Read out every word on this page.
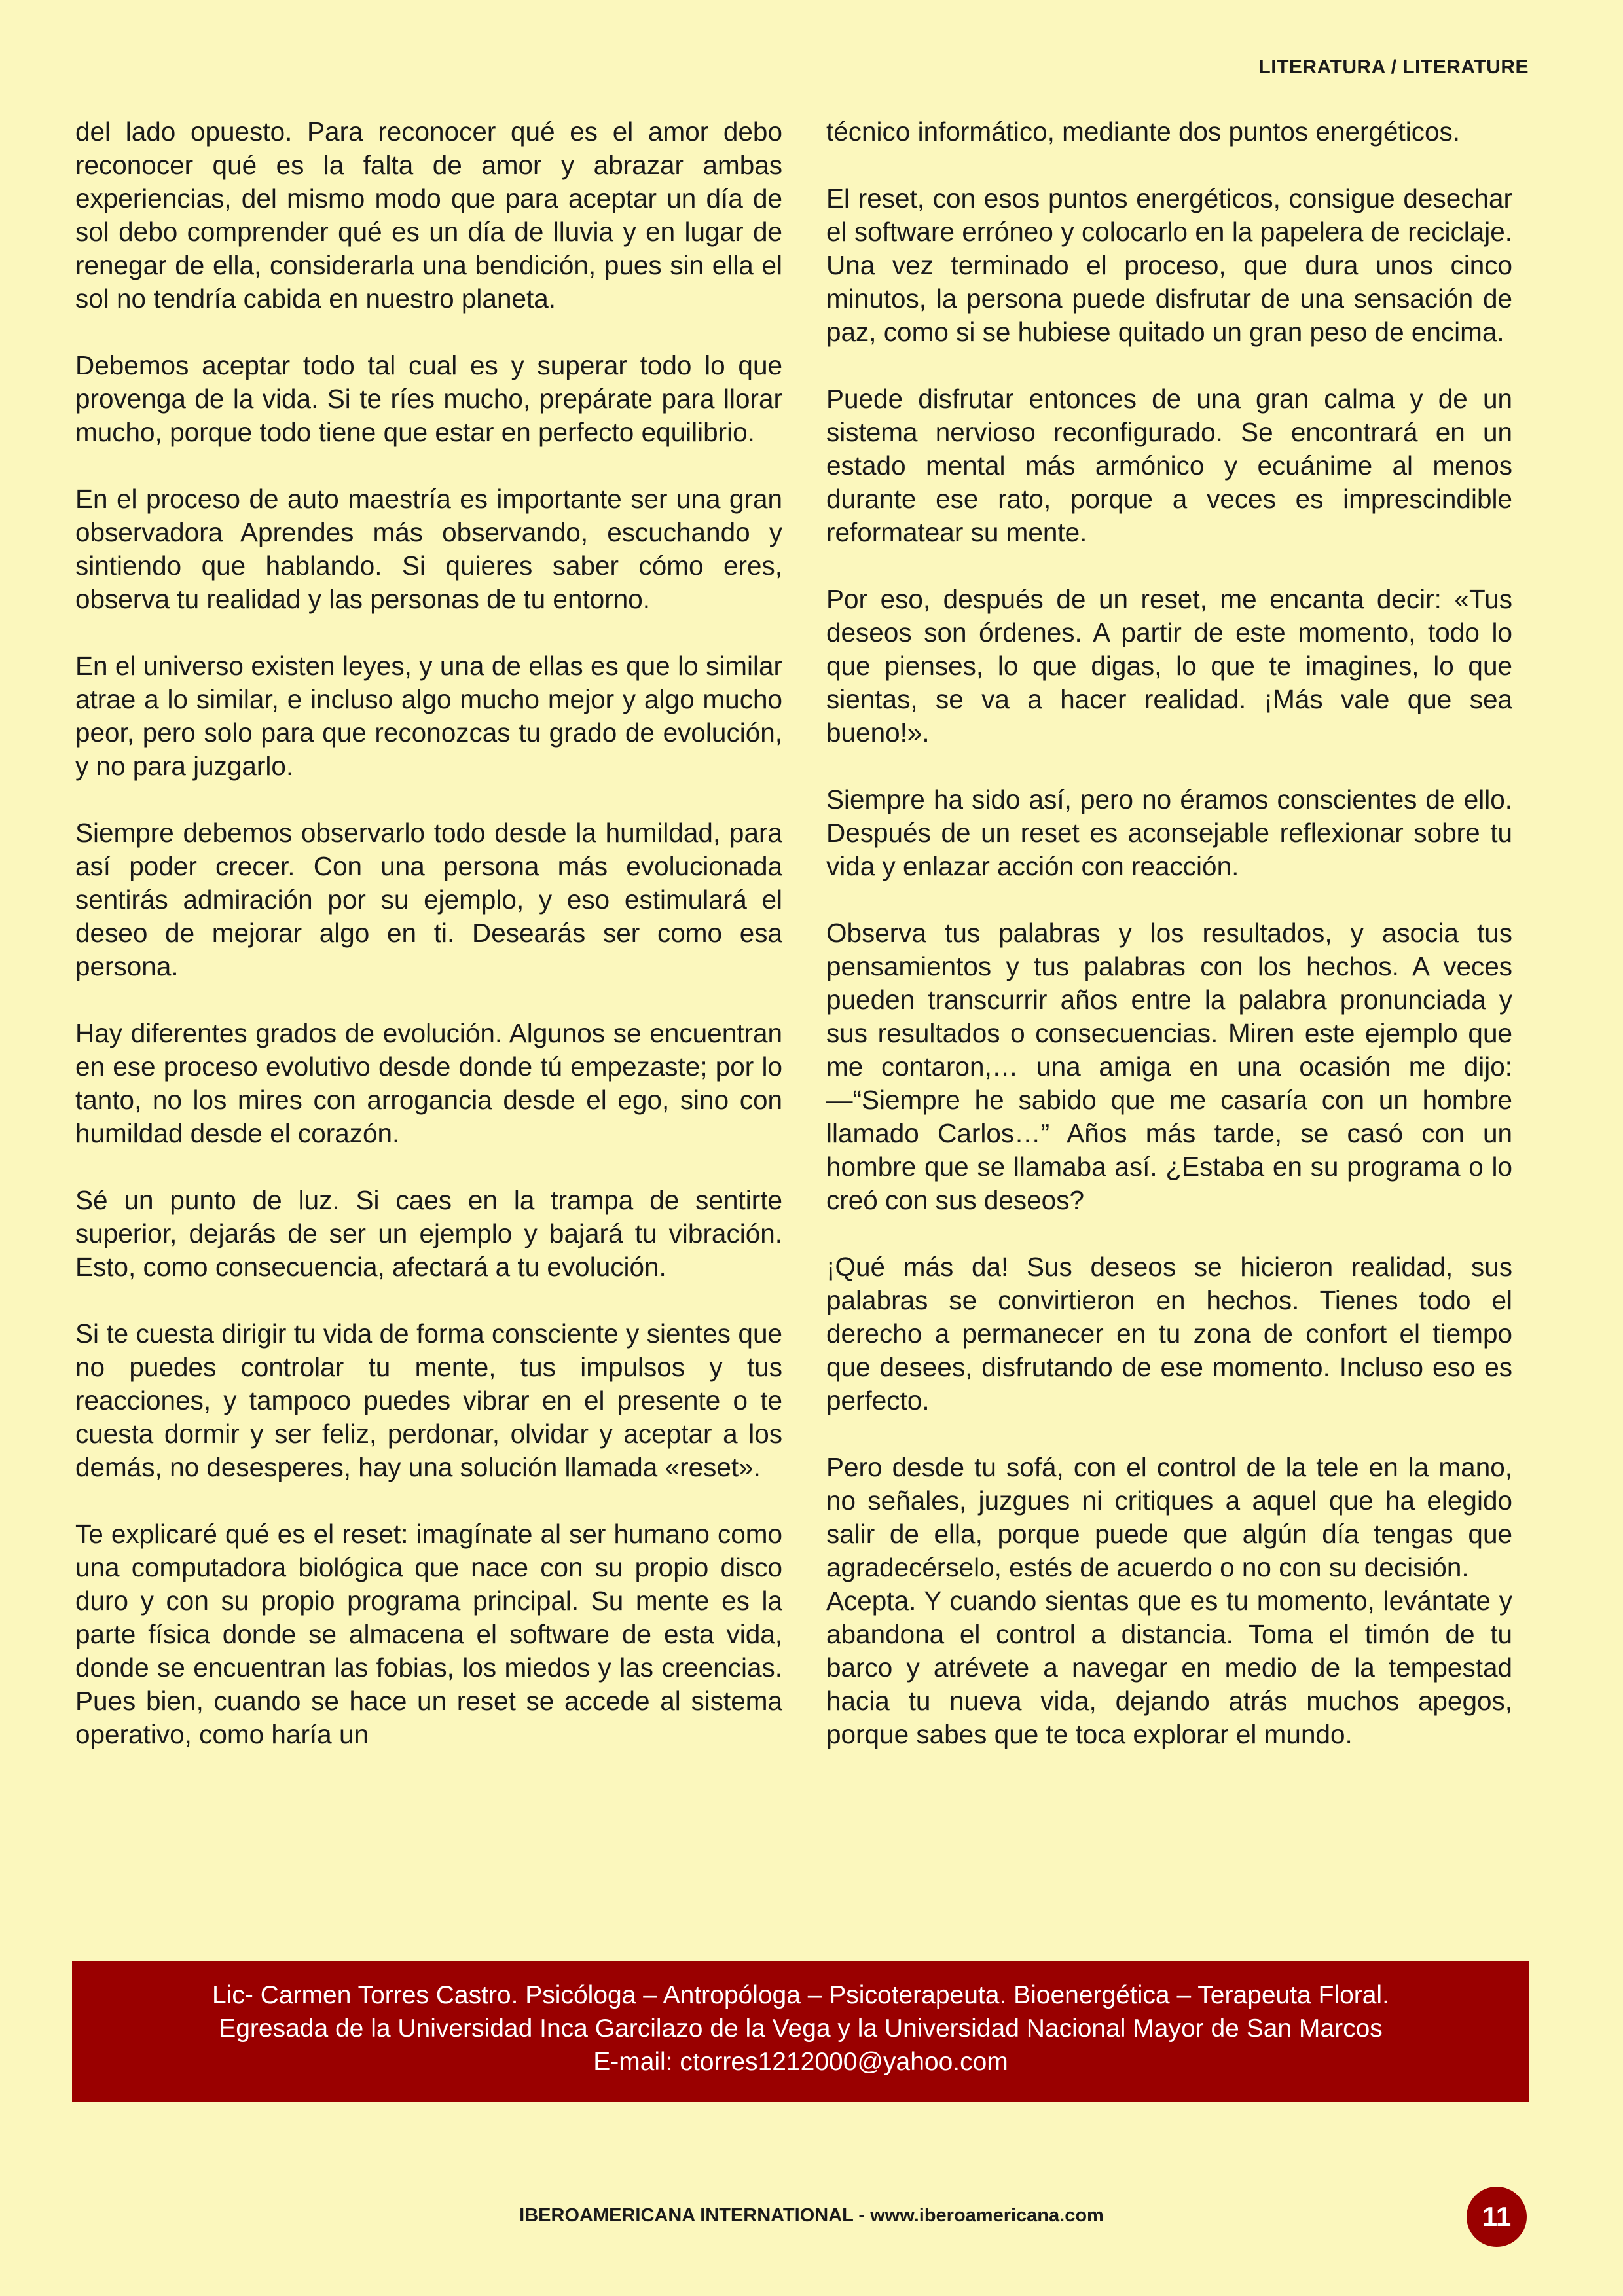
LITERATURA / LITERATURE

del lado opuesto. Para reconocer qué es el amor debo reconocer qué es la falta de amor y abrazar ambas experiencias, del mismo modo que para aceptar un día de sol debo comprender qué es un día de lluvia y en lugar de renegar de ella, considerarla una bendición, pues sin ella el sol no tendría cabida en nuestro planeta.

Debemos aceptar todo tal cual es y superar todo lo que provenga de la vida. Si te ríes mucho, prepárate para llorar mucho, porque todo tiene que estar en perfecto equilibrio.

En el proceso de auto maestría es importante ser una gran observadora Aprendes más observando, escuchando y sintiendo que hablando. Si quieres saber cómo eres, observa tu realidad y las personas de tu entorno.

En el universo existen leyes, y una de ellas es que lo similar atrae a lo similar, e incluso algo mucho mejor y algo mucho peor, pero solo para que reconozcas tu grado de evolución, y no para juzgarlo.

Siempre debemos observarlo todo desde la humildad, para así poder crecer. Con una persona más evolucionada sentirás admiración por su ejemplo, y eso estimulará el deseo de mejorar algo en ti. Desearás ser como esa persona.

Hay diferentes grados de evolución. Algunos se encuentran en ese proceso evolutivo desde donde tú empezaste; por lo tanto, no los mires con arrogancia desde el ego, sino con humildad desde el corazón.

Sé un punto de luz. Si caes en la trampa de sentirte superior, dejarás de ser un ejemplo y bajará tu vibración. Esto, como consecuencia, afectará a tu evolución.

Si te cuesta dirigir tu vida de forma consciente y sientes que no puedes controlar tu mente, tus impulsos y tus reacciones, y tampoco puedes vibrar en el presente o te cuesta dormir y ser feliz, perdonar, olvidar y aceptar a los demás, no desesperes, hay una solución llamada «reset».

Te explicaré qué es el reset: imagínate al ser humano como una computadora biológica que nace con su propio disco duro y con su propio programa principal. Su mente es la parte física donde se almacena el software de esta vida, donde se encuentran las fobias, los miedos y las creencias. Pues bien, cuando se hace un reset se accede al sistema operativo, como haría un

técnico informático, mediante dos puntos energéticos.

El reset, con esos puntos energéticos, consigue desechar el software erróneo y colocarlo en la papelera de reciclaje. Una vez terminado el proceso, que dura unos cinco minutos, la persona puede disfrutar de una sensación de paz, como si se hubiese quitado un gran peso de encima.

Puede disfrutar entonces de una gran calma y de un sistema nervioso reconfigurado. Se encontrará en un estado mental más armónico y ecuánime al menos durante ese rato, porque a veces es imprescindible reformatear su mente.

Por eso, después de un reset, me encanta decir: «Tus deseos son órdenes. A partir de este momento, todo lo que pienses, lo que digas, lo que te imagines, lo que sientas, se va a hacer realidad. ¡Más vale que sea bueno!».

Siempre ha sido así, pero no éramos conscientes de ello. Después de un reset es aconsejable reflexionar sobre tu vida y enlazar acción con reacción.

Observa tus palabras y los resultados, y asocia tus pensamientos y tus palabras con los hechos. A veces pueden transcurrir años entre la palabra pronunciada y sus resultados o consecuencias. Miren este ejemplo que me contaron,… una amiga en una ocasión me dijo:—“Siempre he sabido que me casaría con un hombre llamado Carlos…” Años más tarde, se casó con un hombre que se llamaba así. ¿Estaba en su programa o lo creó con sus deseos?

¡Qué más da! Sus deseos se hicieron realidad, sus palabras se convirtieron en hechos. Tienes todo el derecho a permanecer en tu zona de confort el tiempo que desees, disfrutando de ese momento. Incluso eso es perfecto.

Pero desde tu sofá, con el control de la tele en la mano, no señales, juzgues ni critiques a aquel que ha elegido salir de ella, porque puede que algún día tengas que agradecérselo, estés de acuerdo o no con su decisión.

Acepta. Y cuando sientas que es tu momento, levántate y abandona el control a distancia. Toma el timón de tu barco y atrévete a navegar en medio de la tempestad hacia tu nueva vida, dejando atrás muchos apegos, porque sabes que te toca explorar el mundo.

Lic- Carmen Torres Castro. Psicóloga – Antropóloga – Psicoterapeuta. Bioenergética – Terapeuta Floral.
Egresada de la Universidad Inca Garcilazo de la Vega y la Universidad Nacional Mayor de San Marcos
E-mail: ctorres1212000@yahoo.com
IBEROAMERICANA INTERNATIONAL - www.iberoamericana.com	11
